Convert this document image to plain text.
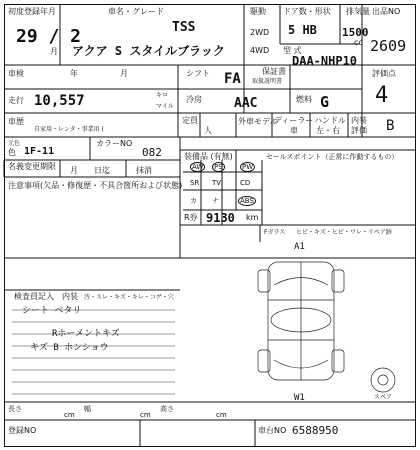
初度登録年月
29 / 2
月
車名・グレード
TSS
アクア S スタイルブラック
駆動
2WD
4WD
ドア数・形状
5 HB
排気量
1500
cc
型 式
DAA-NHP10
出品NO
2609
車検	年	月	シフト FA	保証書
取扱説明書
評価点
4
走行 10,557	キロ
マイル
冷房 AAC	燃料 G
車歴
自家用・レンタ・事業用 (
定員
人
外車モデル
ディーラー
車
ハンドル
左・右
内装
評価 B
元色
色 1F-11
カラーNO
082
名義変更期限 月 日迄	抹消
注意事項(欠品・修復歴・不具合箇所および状態)
装備品 (有無)
AW PS	PW
SR TV	CD
カ ナ	ABS
R券 9130 km
セールスポイント（正常に作動するもの）
Fガラス ヒビ・キズ・ヒビ・ワレ・リペア跡
検査員記入 内装 汚・スレ・キズ・キレ・コゲ・穴
シート ベタリ
Rホーメントキズ
キズ B ホンショウ
A1
W1	スペア
長さ
cm
幅
cm
高さ
cm
登録NO	車台NO 6588950
